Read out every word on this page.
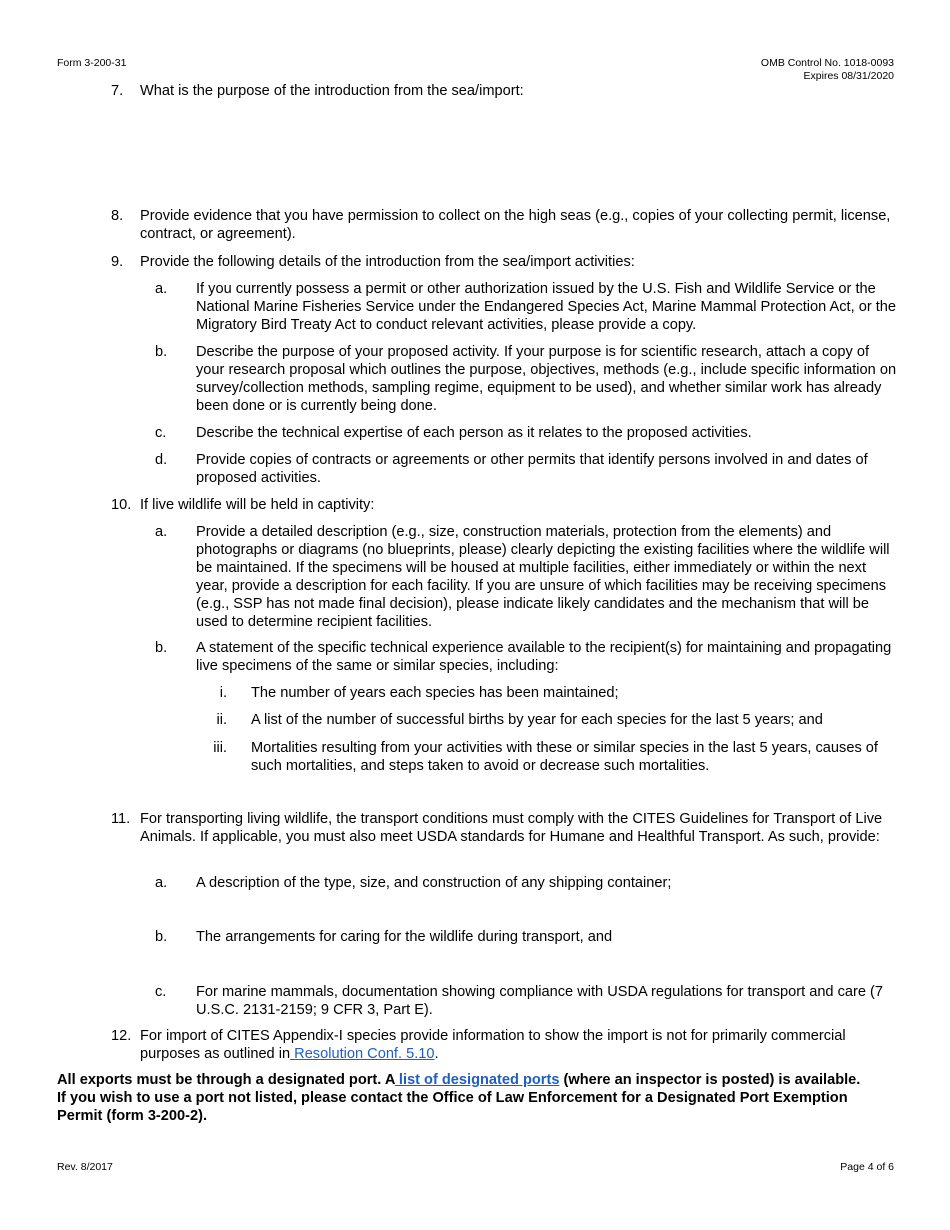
Form 3-200-31	OMB Control No. 1018-0093
Expires 08/31/2020
7. What is the purpose of the introduction from the sea/import:
8. Provide evidence that you have permission to collect on the high seas (e.g., copies of your collecting permit, license, contract, or agreement).
9. Provide the following details of the introduction from the sea/import activities:
a. If you currently possess a permit or other authorization issued by the U.S. Fish and Wildlife Service or the National Marine Fisheries Service under the Endangered Species Act, Marine Mammal Protection Act, or the Migratory Bird Treaty Act to conduct relevant activities, please provide a copy.
b. Describe the purpose of your proposed activity. If your purpose is for scientific research, attach a copy of your research proposal which outlines the purpose, objectives, methods (e.g., include specific information on survey/collection methods, sampling regime, equipment to be used), and whether similar work has already been done or is currently being done.
c. Describe the technical expertise of each person as it relates to the proposed activities.
d. Provide copies of contracts or agreements or other permits that identify persons involved in and dates of proposed activities.
10. If live wildlife will be held in captivity:
a. Provide a detailed description (e.g., size, construction materials, protection from the elements) and photographs or diagrams (no blueprints, please) clearly depicting the existing facilities where the wildlife will be maintained. If the specimens will be housed at multiple facilities, either immediately or within the next year, provide a description for each facility. If you are unsure of which facilities may be receiving specimens (e.g., SSP has not made final decision), please indicate likely candidates and the mechanism that will be used to determine recipient facilities.
b. A statement of the specific technical experience available to the recipient(s) for maintaining and propagating live specimens of the same or similar species, including:
i. The number of years each species has been maintained;
ii. A list of the number of successful births by year for each species for the last 5 years; and
iii. Mortalities resulting from your activities with these or similar species in the last 5 years, causes of such mortalities, and steps taken to avoid or decrease such mortalities.
11. For transporting living wildlife, the transport conditions must comply with the CITES Guidelines for Transport of Live Animals. If applicable, you must also meet USDA standards for Humane and Healthful Transport. As such, provide:
a. A description of the type, size, and construction of any shipping container;
b. The arrangements for caring for the wildlife during transport, and
c. For marine mammals, documentation showing compliance with USDA regulations for transport and care (7 U.S.C. 2131-2159; 9 CFR 3, Part E).
12. For import of CITES Appendix-I species provide information to show the import is not for primarily commercial purposes as outlined in Resolution Conf. 5.10.
All exports must be through a designated port. A list of designated ports (where an inspector is posted) is available. If you wish to use a port not listed, please contact the Office of Law Enforcement for a Designated Port Exemption Permit (form 3-200-2).
Rev. 8/2017	Page 4 of 6
